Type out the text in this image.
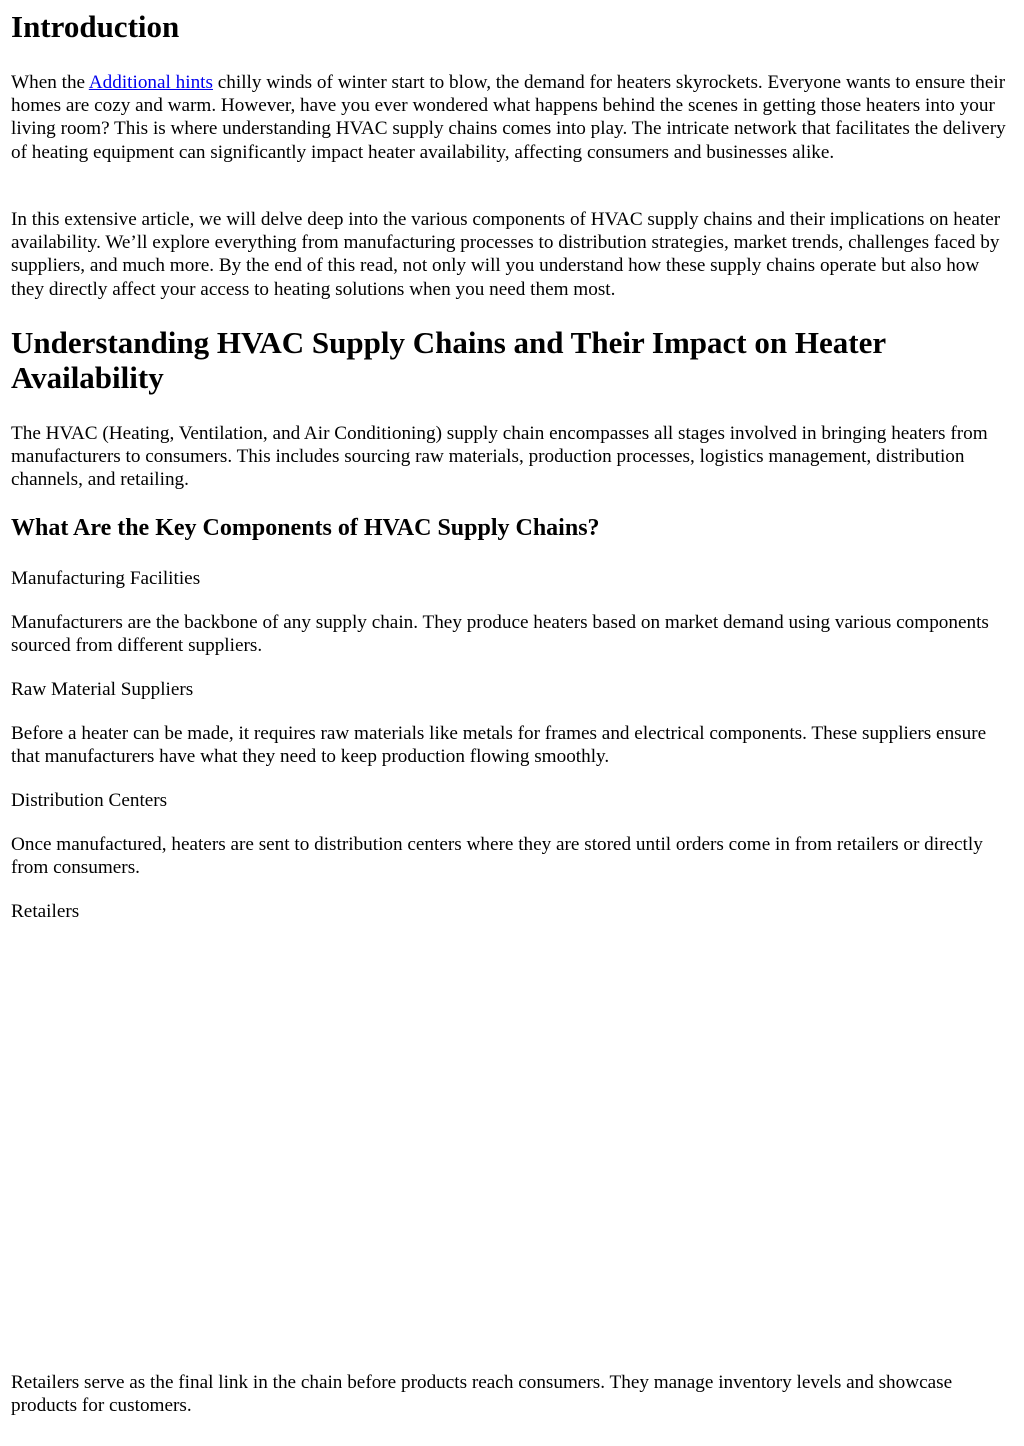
Introduction

When the Additional hints chilly winds of winter start to blow, the demand for heaters skyrockets. Everyone wants to ensure their homes are cozy and warm. However, have you ever wondered what happens behind the scenes in getting those heaters into your living room? This is where understanding HVAC supply chains comes into play. The intricate network that facilitates the delivery of heating equipment can significantly impact heater availability, affecting consumers and businesses alike.

In this extensive article, we will delve deep into the various components of HVAC supply chains and their implications on heater availability. We’ll explore everything from manufacturing processes to distribution strategies, market trends, challenges faced by suppliers, and much more. By the end of this read, not only will you understand how these supply chains operate but also how they directly affect your access to heating solutions when you need them most.

Understanding HVAC Supply Chains and Their Impact on Heater Availability

The HVAC (Heating, Ventilation, and Air Conditioning) supply chain encompasses all stages involved in bringing heaters from manufacturers to consumers. This includes sourcing raw materials, production processes, logistics management, distribution channels, and retailing.

What Are the Key Components of HVAC Supply Chains?

Manufacturing Facilities

Manufacturers are the backbone of any supply chain. They produce heaters based on market demand using various components sourced from different suppliers.

Raw Material Suppliers

Before a heater can be made, it requires raw materials like metals for frames and electrical components. These suppliers ensure that manufacturers have what they need to keep production flowing smoothly.

Distribution Centers

Once manufactured, heaters are sent to distribution centers where they are stored until orders come in from retailers or directly from consumers.

Retailers

Retailers serve as the final link in the chain before products reach consumers. They manage inventory levels and showcase products for customers.
